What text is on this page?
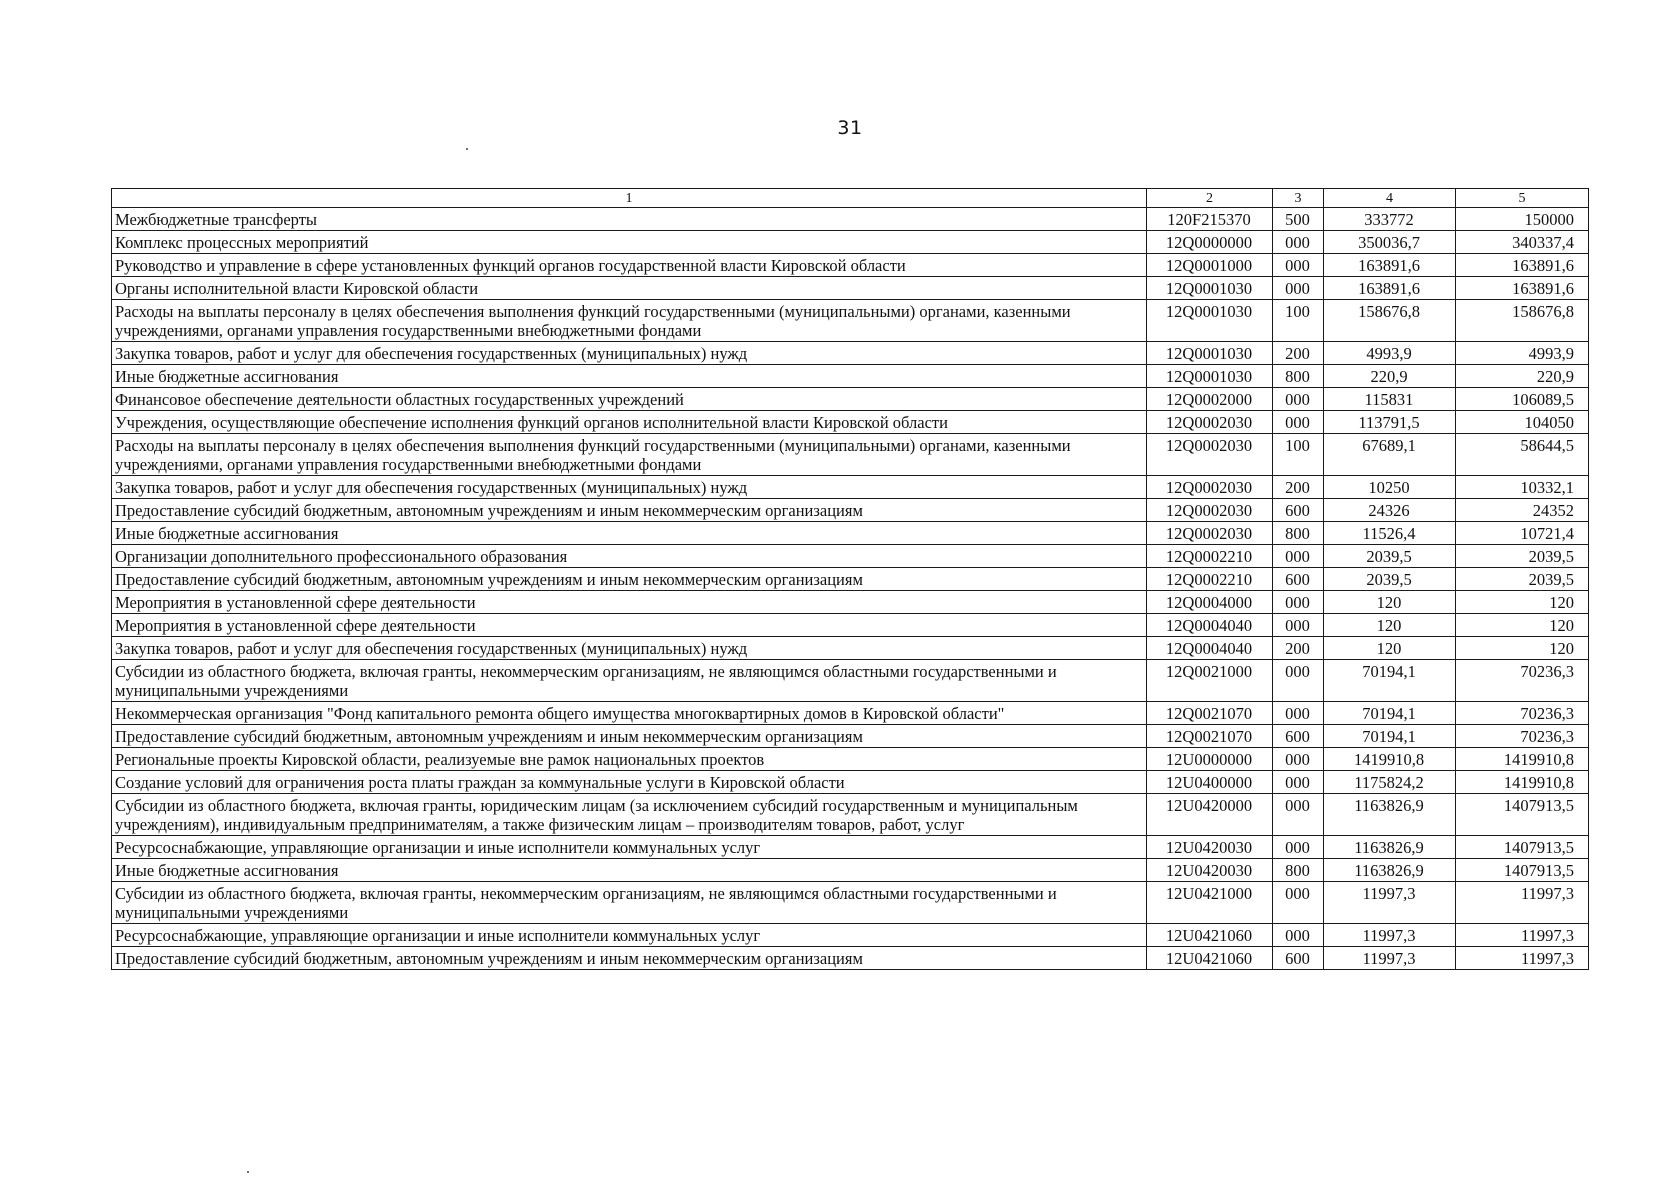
31
1	2	3	4	5
Межбюджетные трансферты	120F215370	500	333772	150000
Комплекс процессных мероприятий	12Q0000000	000	350036,7	340337,4
Руководство и управление в сфере установленных функций органов государственной власти Кировской области	12Q0001000	000	163891,6	163891,6
Органы исполнительной власти Кировской области	12Q0001030	000	163891,6	163891,6
Расходы на выплаты персоналу в целях обеспечения выполнения функций государственными (муниципальными) органами, казенными учреждениями, органами управления государственными внебюджетными фондами	12Q0001030	100	158676,8	158676,8
Закупка товаров, работ и услуг для обеспечения государственных (муниципальных) нужд	12Q0001030	200	4993,9	4993,9
Иные бюджетные ассигнования	12Q0001030	800	220,9	220,9
Финансовое обеспечение деятельности областных государственных учреждений	12Q0002000	000	115831	106089,5
Учреждения, осуществляющие обеспечение исполнения функций органов исполнительной власти Кировской области	12Q0002030	000	113791,5	104050
Расходы на выплаты персоналу в целях обеспечения выполнения функций государственными (муниципальными) органами, казенными учреждениями, органами управления государственными внебюджетными фондами	12Q0002030	100	67689,1	58644,5
Закупка товаров, работ и услуг для обеспечения государственных (муниципальных) нужд	12Q0002030	200	10250	10332,1
Предоставление субсидий бюджетным, автономным учреждениям и иным некоммерческим организациям	12Q0002030	600	24326	24352
Иные бюджетные ассигнования	12Q0002030	800	11526,4	10721,4
Организации дополнительного профессионального образования	12Q0002210	000	2039,5	2039,5
Предоставление субсидий бюджетным, автономным учреждениям и иным некоммерческим организациям	12Q0002210	600	2039,5	2039,5
Мероприятия в установленной сфере деятельности	12Q0004000	000	120	120
Мероприятия в установленной сфере деятельности	12Q0004040	000	120	120
Закупка товаров, работ и услуг для обеспечения государственных (муниципальных) нужд	12Q0004040	200	120	120
Субсидии из областного бюджета, включая гранты, некоммерческим организациям, не являющимся областными государственными и муниципальными учреждениями	12Q0021000	000	70194,1	70236,3
Некоммерческая организация "Фонд капитального ремонта общего имущества многоквартирных домов в Кировской области"	12Q0021070	000	70194,1	70236,3
Предоставление субсидий бюджетным, автономным учреждениям и иным некоммерческим организациям	12Q0021070	600	70194,1	70236,3
Региональные проекты Кировской области, реализуемые вне рамок национальных проектов	12U0000000	000	1419910,8	1419910,8
Создание условий для ограничения роста платы граждан за коммунальные услуги в Кировской области	12U0400000	000	1175824,2	1419910,8
Субсидии из областного бюджета, включая гранты, юридическим лицам (за исключением субсидий государственным и муниципальным учреждениям), индивидуальным предпринимателям, а также физическим лицам – производителям товаров, работ, услуг	12U0420000	000	1163826,9	1407913,5
Ресурсоснабжающие, управляющие организации и иные исполнители коммунальных услуг	12U0420030	000	1163826,9	1407913,5
Иные бюджетные ассигнования	12U0420030	800	1163826,9	1407913,5
Субсидии из областного бюджета, включая гранты, некоммерческим организациям, не являющимся областными государственными и муниципальными учреждениями	12U0421000	000	11997,3	11997,3
Ресурсоснабжающие, управляющие организации и иные исполнители коммунальных услуг	12U0421060	000	11997,3	11997,3
Предоставление субсидий бюджетным, автономным учреждениям и иным некоммерческим организациям	12U0421060	600	11997,3	11997,3
